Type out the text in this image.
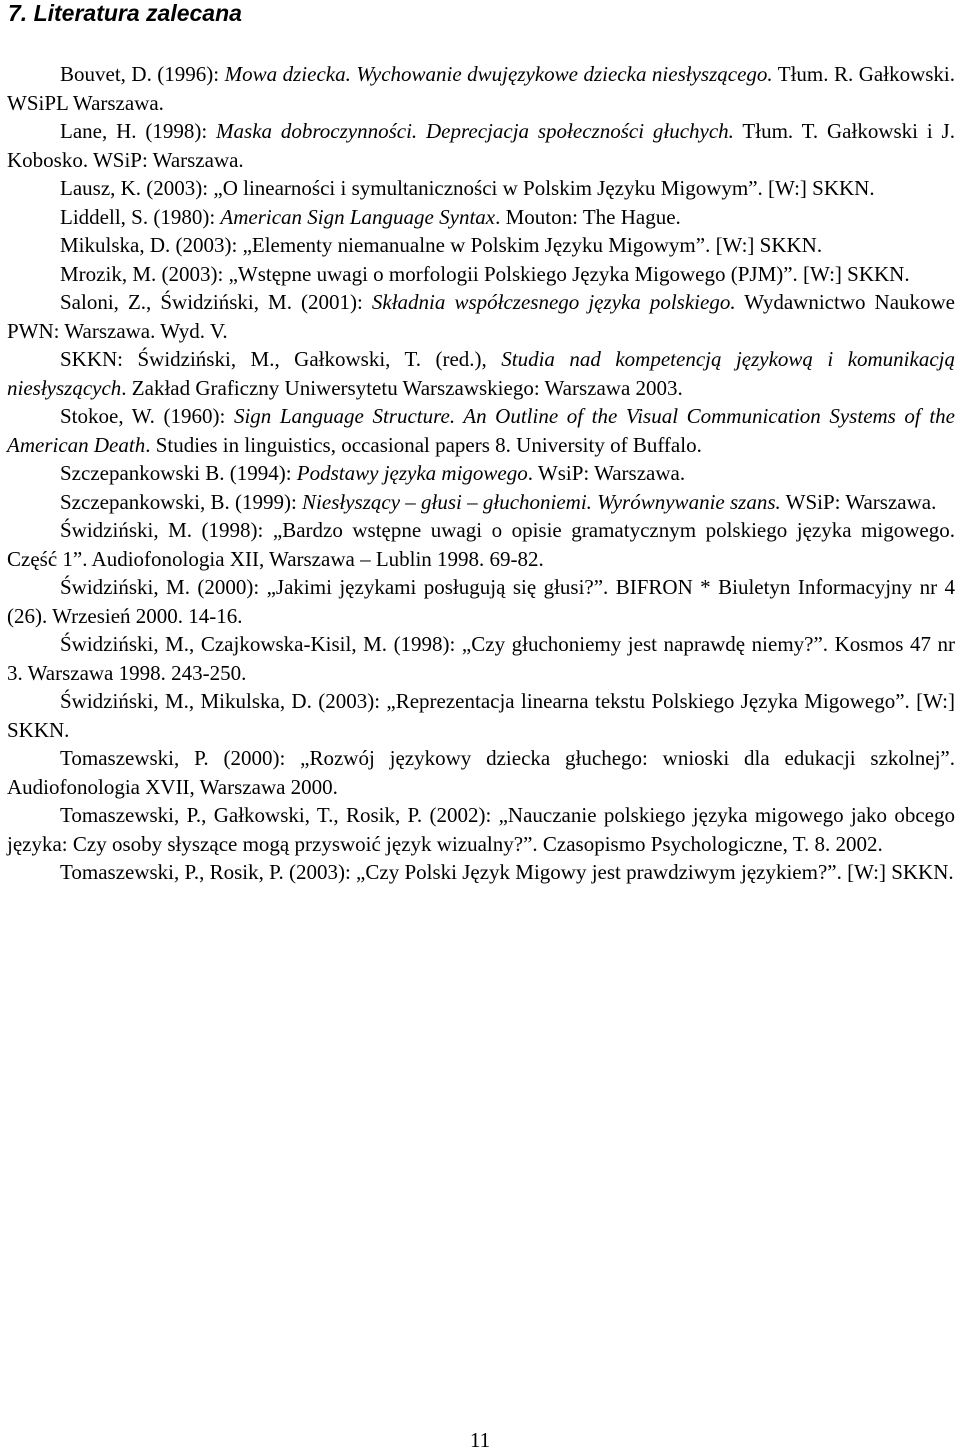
7. Literatura zalecana

Bouvet, D. (1996): Mowa dziecka. Wychowanie dwujęzykowe dziecka niesłyszącego. Tłum. R. Gałkowski. WSiPL Warszawa.

Lane, H. (1998): Maska dobroczynności. Deprecjacja społeczności głuchych. Tłum. T. Gałkowski i J. Kobosko. WSiP: Warszawa.

Lausz, K. (2003): „O linearności i symultaniczności w Polskim Języku Migowym”. [W:] SKKN.

Liddell, S. (1980): American Sign Language Syntax. Mouton: The Hague.

Mikulska, D. (2003): „Elementy niemanualne w Polskim Języku Migowym”. [W:] SKKN.

Mrozik, M. (2003): „Wstępne uwagi o morfologii Polskiego Języka Migowego (PJM)”. [W:] SKKN.

Saloni, Z., Świdziński, M. (2001): Składnia współczesnego języka polskiego. Wydawnictwo Naukowe PWN: Warszawa. Wyd. V.

SKKN: Świdziński, M., Gałkowski, T. (red.), Studia nad kompetencją językową i komunikacją niesłyszących. Zakład Graficzny Uniwersytetu Warszawskiego: Warszawa 2003.

Stokoe, W. (1960): Sign Language Structure. An Outline of the Visual Communication Systems of the American Death. Studies in linguistics, occasional papers 8. University of Buffalo.

Szczepankowski B. (1994): Podstawy języka migowego. WsiP: Warszawa.

Szczepankowski, B. (1999): Niesłyszący – głusi – głuchoniemi. Wyrównywanie szans. WSiP: Warszawa.

Świdziński, M. (1998): „Bardzo wstępne uwagi o opisie gramatycznym polskiego języka migowego. Część 1”. Audiofonologia XII, Warszawa – Lublin 1998. 69-82.

Świdziński, M. (2000): „Jakimi językami posługują się głusi?”. BIFRON * Biuletyn Informacyjny nr 4 (26). Wrzesień 2000. 14-16.

Świdziński, M., Czajkowska-Kisil, M. (1998): „Czy głuchoniemy jest naprawdę niemy?”. Kosmos 47 nr 3. Warszawa 1998. 243-250.

Świdziński, M., Mikulska, D. (2003): „Reprezentacja linearna tekstu Polskiego Języka Migowego”. [W:] SKKN.

Tomaszewski, P. (2000): „Rozwój językowy dziecka głuchego: wnioski dla edukacji szkolnej”. Audiofonologia XVII, Warszawa 2000.

Tomaszewski, P., Gałkowski, T., Rosik, P. (2002): „Nauczanie polskiego języka migowego jako obcego języka: Czy osoby słyszące mogą przyswoić język wizualny?”. Czasopismo Psychologiczne, T. 8. 2002.

Tomaszewski, P., Rosik, P. (2003): „Czy Polski Język Migowy jest prawdziwym językiem?”. [W:] SKKN.

11
